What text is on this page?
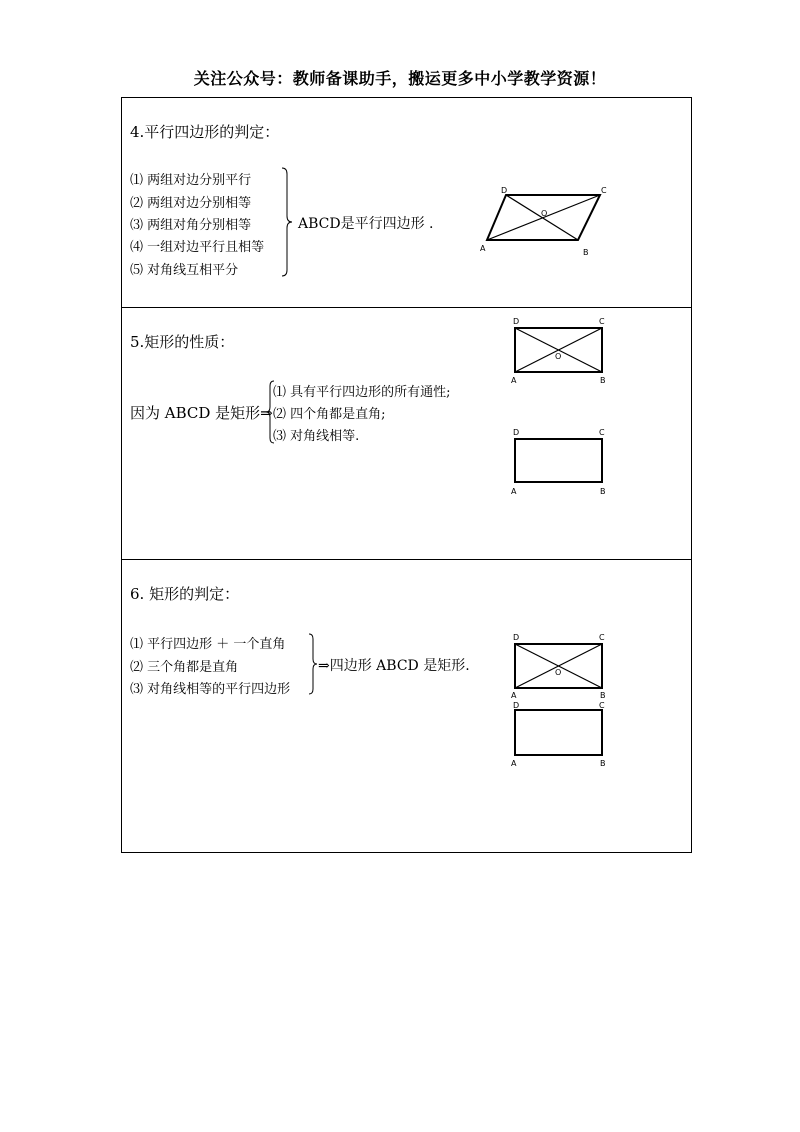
关注公众号：教师备课助手，搬运更多中小学教学资源！
4.平行四边形的判定：
⑴ 两组对边分别平行
⑵ 两组对边分别相等
⑶ 两组对角分别相等
⑷ 一组对边平行且相等
⑸ 对角线互相平分
ABCD是平行四边形 .
D	C
O
A	B
5.矩形的性质：
因为 ABCD 是矩形⇒
⑴ 具有平行四边形的所有通性;
⑵ 四个角都是直角;
⑶ 对角线相等.
D	C
O
A	B
D	C
A	B
6. 矩形的判定：
⑴ 平行四边形 ＋ 一个直角
⑵ 三个角都是直角
⑶ 对角线相等的平行四边形
⇒四边形 ABCD 是矩形.
D	C
O
A	B
D	C
A	B
